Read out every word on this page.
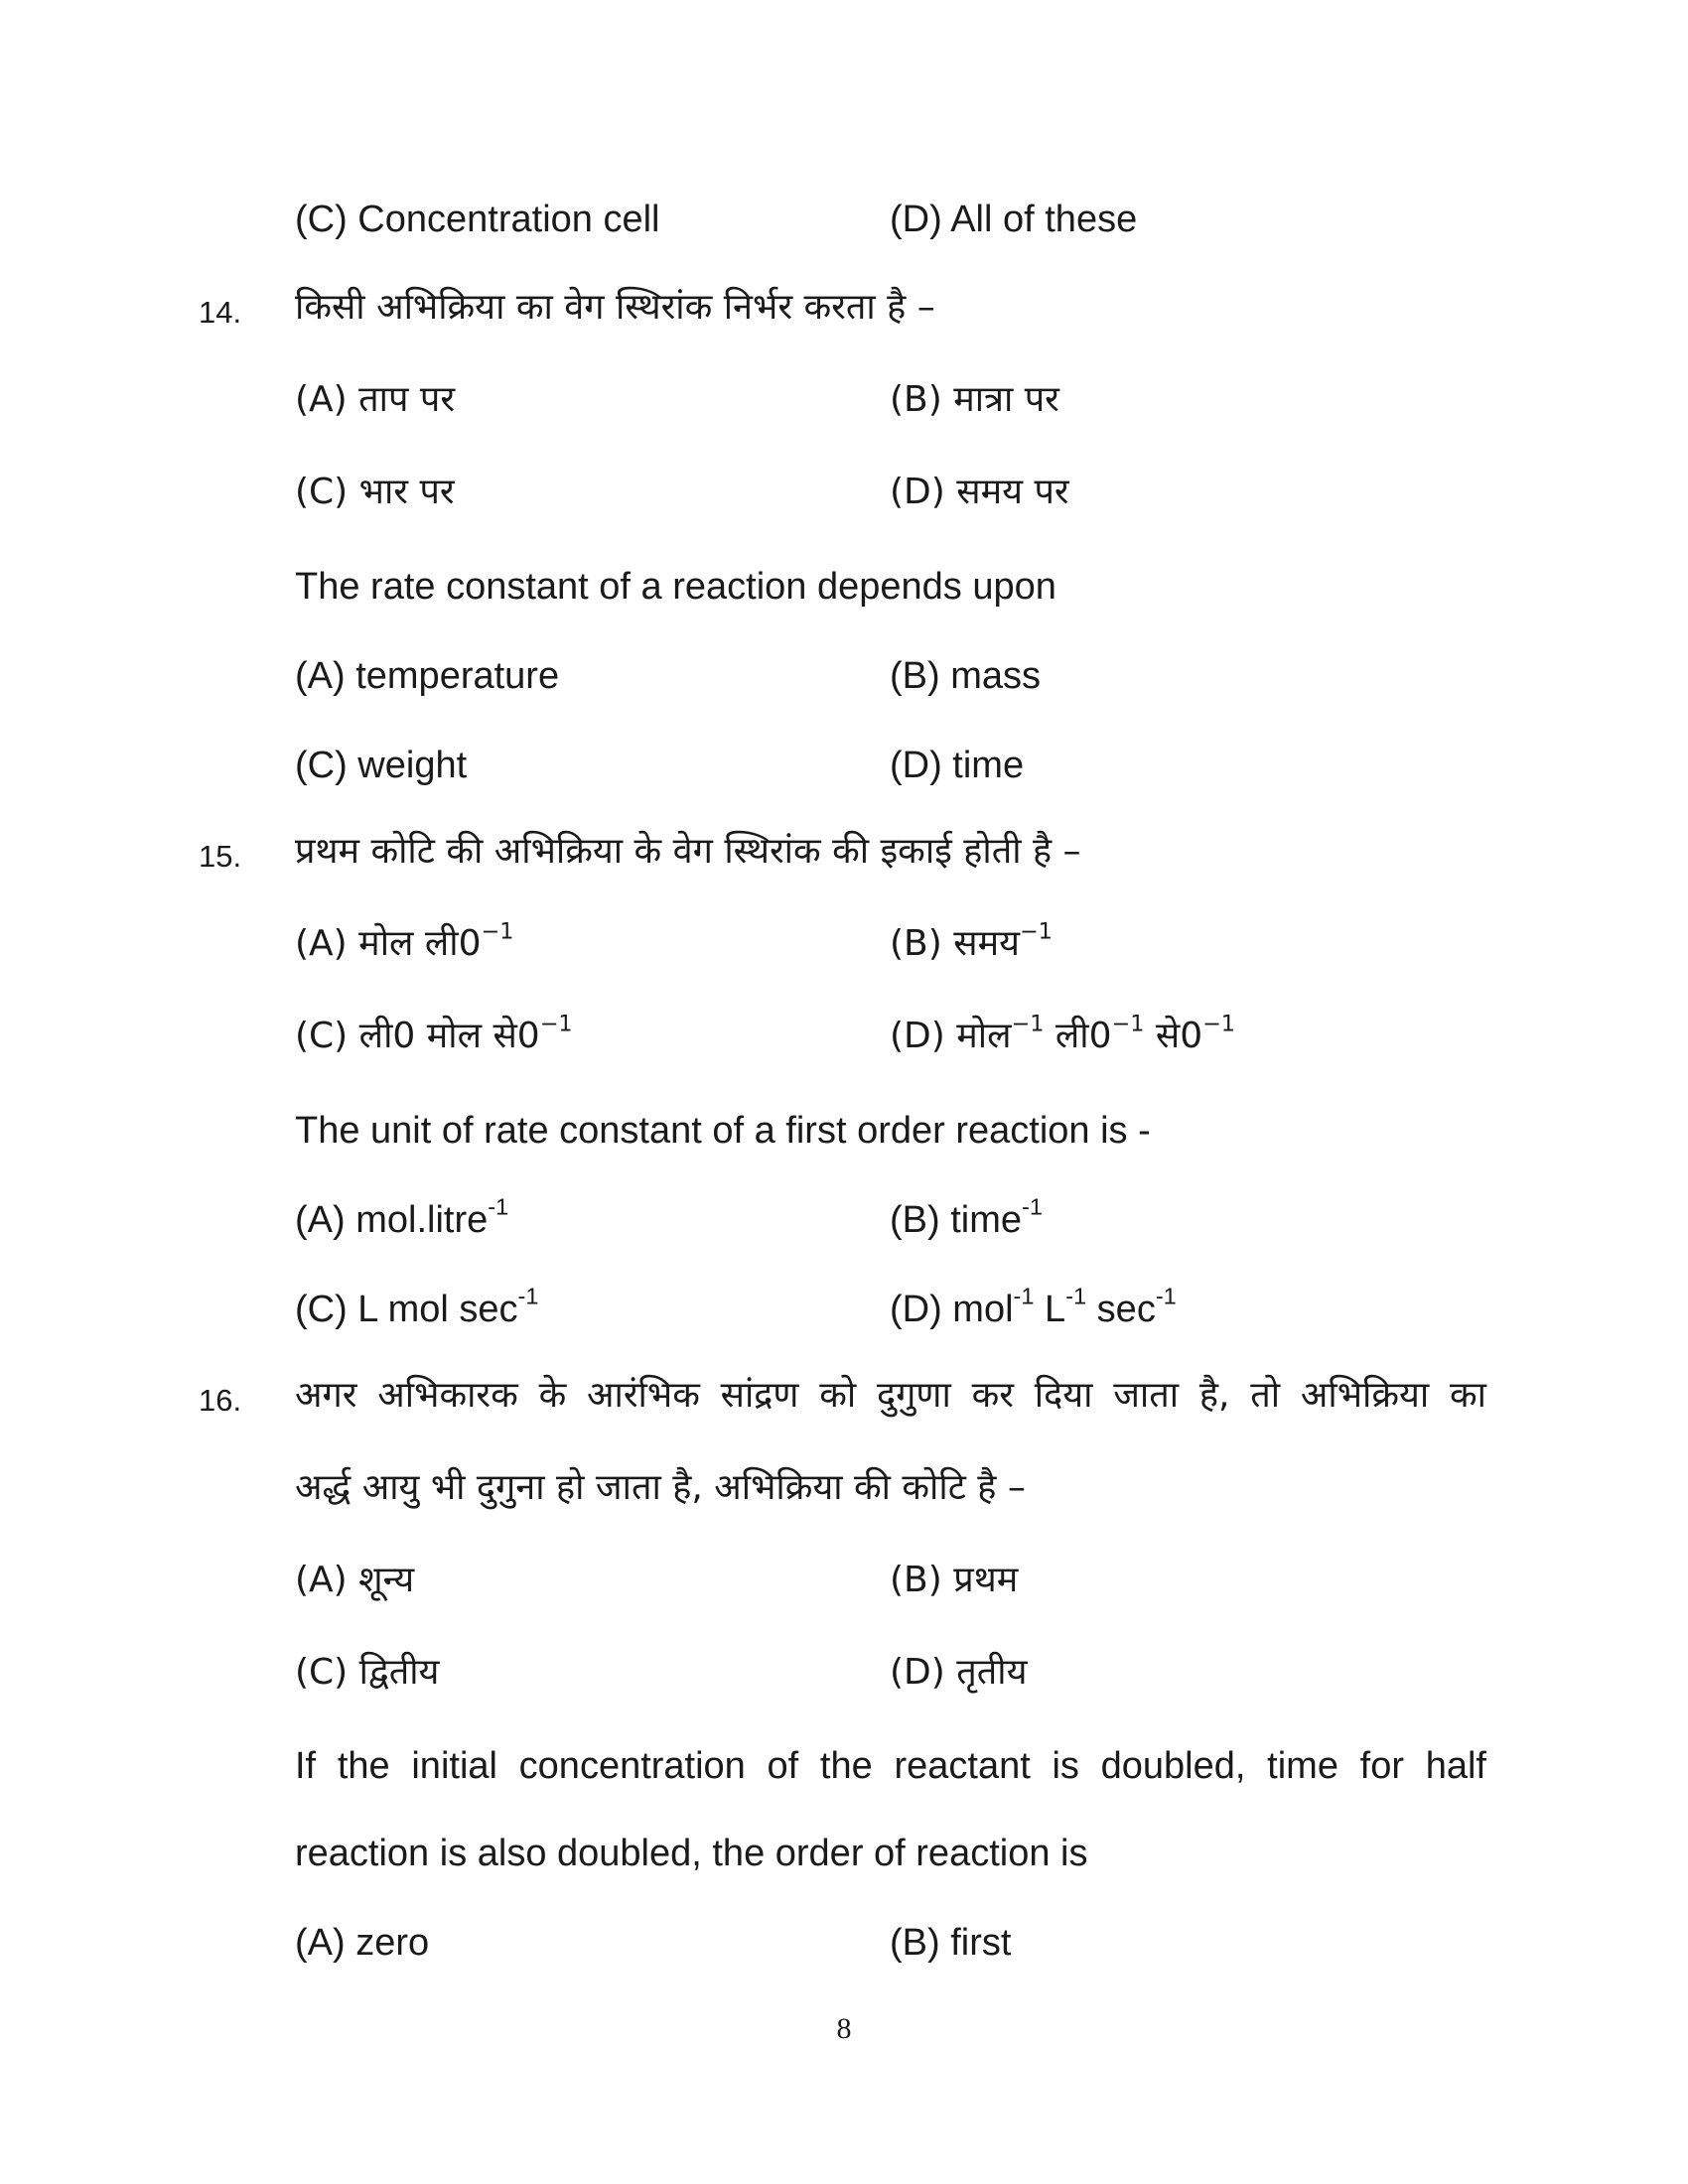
(C) Concentration cell	(D) All of these
14. किसी अभिक्रिया का वेग स्थिरांक निर्भर करता है –
(A) ताप पर	(B) मात्रा पर
(C) भार पर	(D) समय पर
The rate constant of a reaction depends upon
(A) temperature	(B) mass
(C) weight	(D) time
15. प्रथम कोटि की अभिक्रिया के वेग स्थिरांक की इकाई होती है –
(A) मोल $ली0^{-1}$	(B) समय$^{-1}$
(C) ली0 मोल $से0^{-1}$	(D) मोल$^{-1}$ $ली0^{-1}$ $से0^{-1}$
The unit of rate constant of a first order reaction is -
(A) mol.litre$^{-1}$	(B) time$^{-1}$
(C) L mol $\sec^{-1}$	(D) mol$^{-1}$ $L^{-1}$ $\sec^{-1}$
16. अगर अभिकारक के आरंभिक सांद्रण को दुगुणा कर दिया जाता है, तो अभिक्रिया का
अर्द्ध आयु भी दुगुना हो जाता है, अभिक्रिया की कोटि है –
(A) शून्य	(B) प्रथम
(C) द्वितीय	(D) तृतीय
If the initial concentration of the reactant is doubled, time for half
reaction is also doubled, the order of reaction is
(A) zero	(B) first
8
